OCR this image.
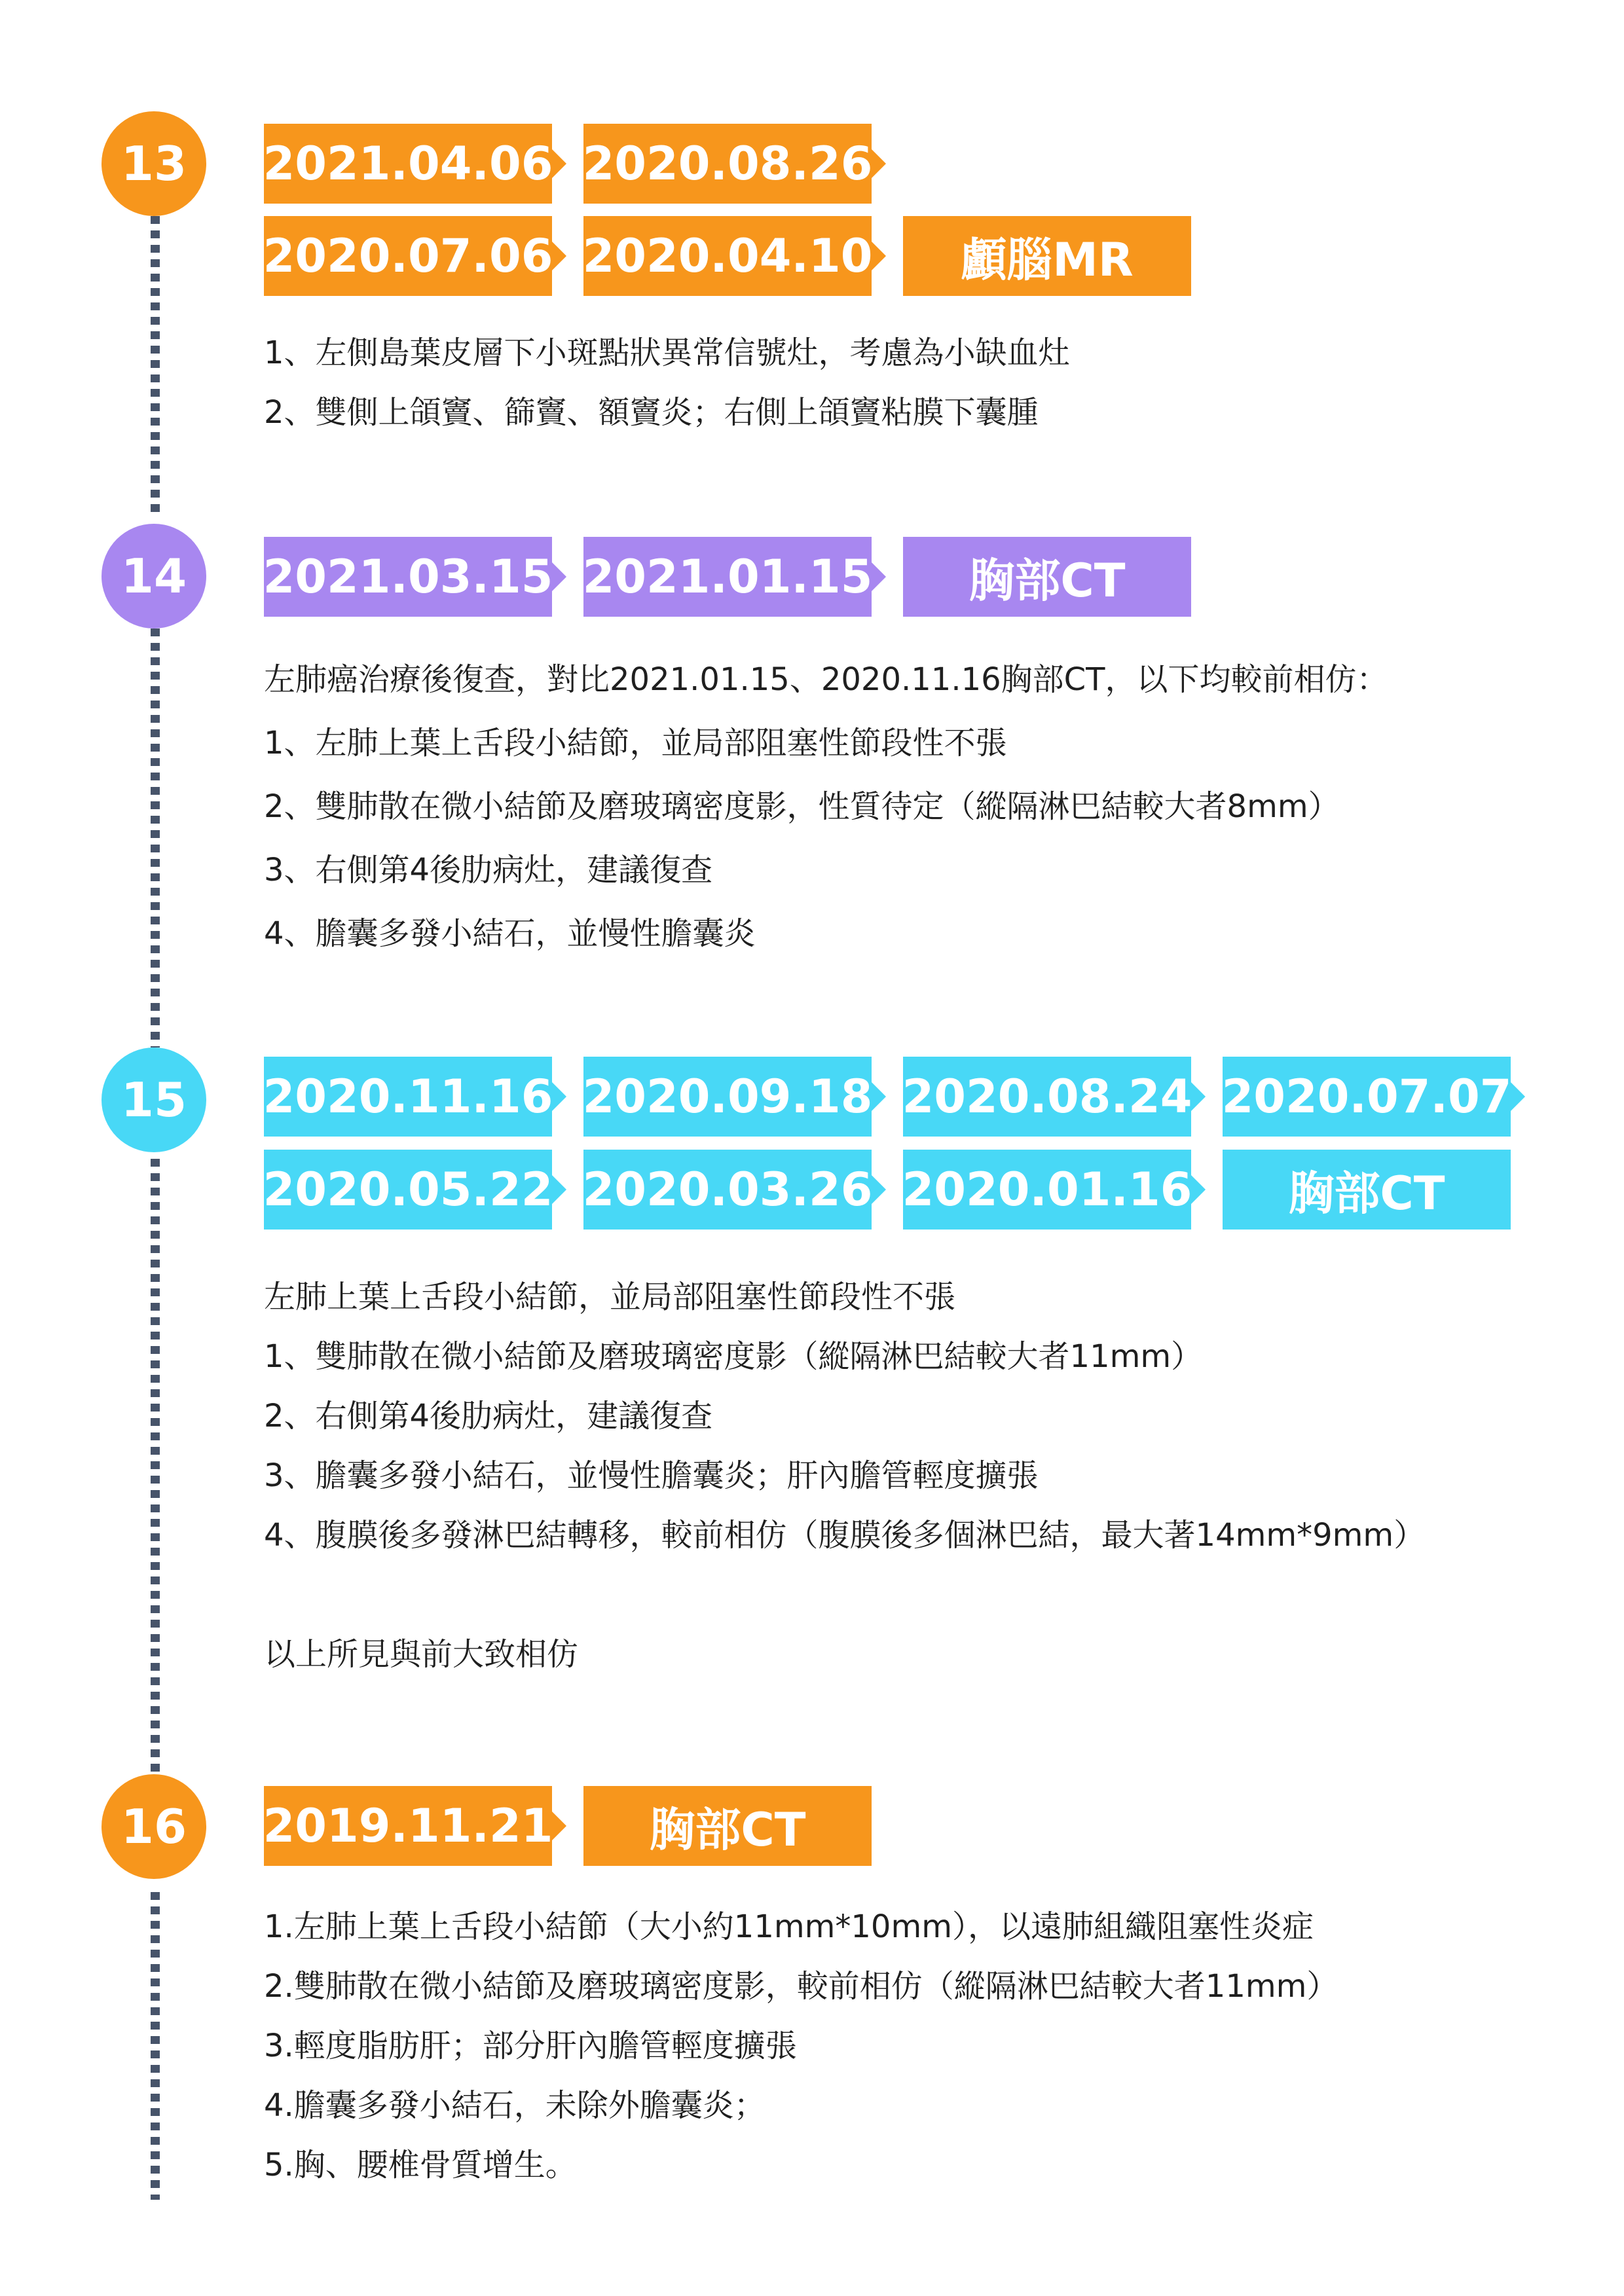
13	2021.04.06 2020.08.26
2020.07.06 2020.04.10	顱腦MR
1、左側島葉皮層下小斑點狀異常信號灶，考慮為小缺血灶
2、雙側上頜竇、篩竇、額竇炎；右側上頜竇粘膜下囊腫
14	2021.03.15 2021.01.15	胸部CT
左肺癌治療後復查，對比2021.01.15、2020.11.16胸部CT，以下均較前相仿：
1、左肺上葉上舌段小結節，並局部阻塞性節段性不張
2、雙肺散在微小結節及磨玻璃密度影，性質待定（縱隔淋巴結較大者8mm）
3、右側第4後肋病灶，建議復查
4、膽囊多發小結石，並慢性膽囊炎
15	2020.11.16 2020.09.18 2020.08.24 2020.07.07
2020.05.22 2020.03.26 2020.01.16	胸部CT
左肺上葉上舌段小結節，並局部阻塞性節段性不張
1、雙肺散在微小結節及磨玻璃密度影（縱隔淋巴結較大者11mm）
2、右側第4後肋病灶，建議復查
3、膽囊多發小結石，並慢性膽囊炎；肝內膽管輕度擴張
4、腹膜後多發淋巴結轉移，較前相仿（腹膜後多個淋巴結，最大著14mm*9mm）
以上所見與前大致相仿
16	2019.11.21	胸部CT
1.左肺上葉上舌段小結節（大小約11mm*10mm），以遠肺組織阻塞性炎症
2.雙肺散在微小結節及磨玻璃密度影，較前相仿（縱隔淋巴結較大者11mm）
3.輕度脂肪肝；部分肝內膽管輕度擴張
4.膽囊多發小結石，未除外膽囊炎；
5.胸、腰椎骨質增生。
